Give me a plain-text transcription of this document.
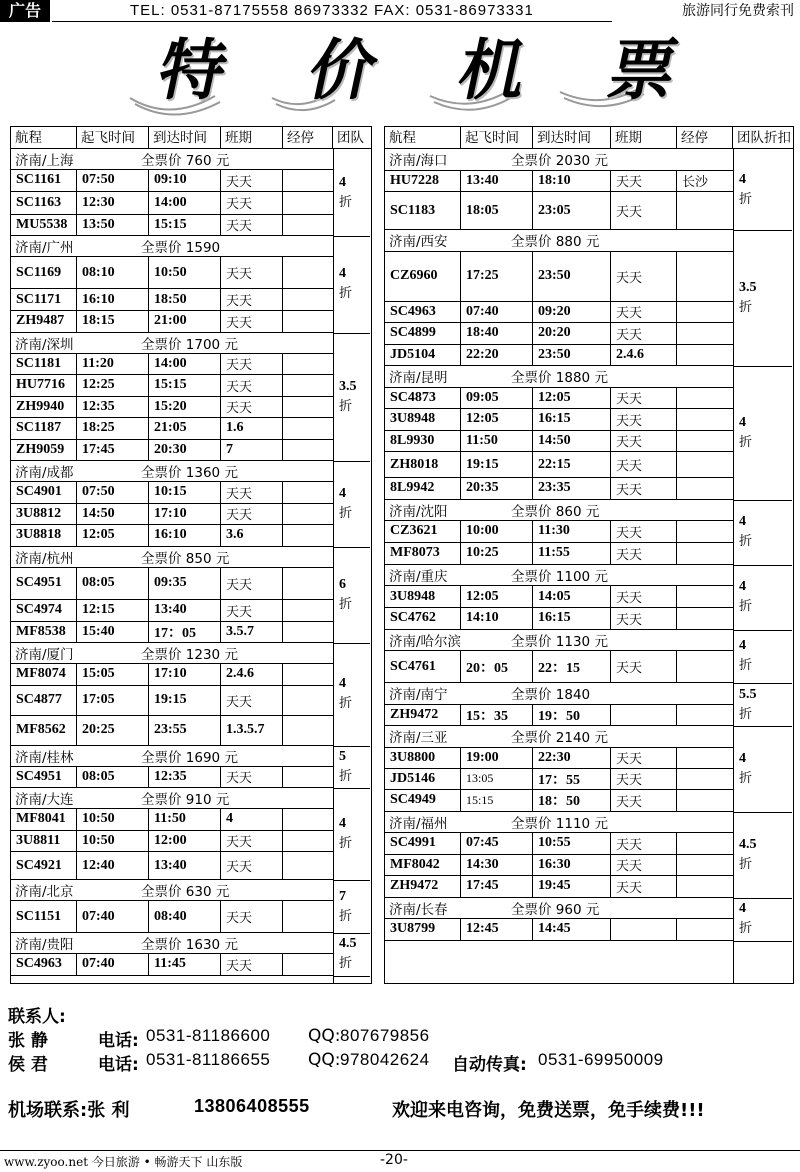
广告	TEL: 0531-87175558 86973332 FAX: 0531-86973331	旅游同行免费索刊
特 价 机 票
航程	起飞时间	到达时间	班期	经停	团队
济南/上海	全票价 760 元
SC1161	07:50	09:10	天天
SC1163	12:30	14:00	天天
MU5538	13:50	15:15	天天
4
折
济南/广州	全票价 1590
SC1169	08:10	10:50	天天
SC1171	16:10	18:50	天天
ZH9487	18:15	21:00	天天
4
折
济南/深圳	全票价 1700 元
SC1181	11:20	14:00	天天
HU7716	12:25	15:15	天天
ZH9940	12:35	15:20	天天
SC1187	18:25	21:05	1.6
ZH9059	17:45	20:30	7
3.5
折
济南/成都	全票价 1360 元
SC4901	07:50	10:15	天天
3U8812	14:50	17:10	天天
3U8818	12:05	16:10	3.6
4
折
济南/杭州	全票价 850 元
SC4951	08:05	09:35	天天
SC4974	12:15	13:40	天天
MF8538	15:40	17：05	3.5.7
6
折
济南/厦门	全票价 1230 元
MF8074	15:05	17:10	2.4.6
SC4877	17:05	19:15	天天
MF8562	20:25	23:55	1.3.5.7
4
折
济南/桂林	全票价 1690 元
SC4951	08:05	12:35	天天
5
折
济南/大连	全票价 910 元
MF8041	10:50	11:50	4
3U8811	10:50	12:00	天天
SC4921	12:40	13:40	天天
4
折
济南/北京	全票价 630 元
SC1151	07:40	08:40	天天
7
折
济南/贵阳	全票价 1630 元
SC4963	07:40	11:45	天天
4.5
折
航程	起飞时间	到达时间	班期	经停	团队折扣
济南/海口	全票价 2030 元
HU7228	13:40	18:10	天天	长沙
SC1183	18:05	23:05	天天
4
折
济南/西安	全票价 880 元
CZ6960	17:25	23:50	天天
SC4963	07:40	09:20	天天
SC4899	18:40	20:20	天天
JD5104	22:20	23:50	2.4.6
3.5
折
济南/昆明	全票价 1880 元
SC4873	09:05	12:05	天天
3U8948	12:05	16:15	天天
8L9930	11:50	14:50	天天
ZH8018	19:15	22:15	天天
8L9942	20:35	23:35	天天
4
折
济南/沈阳	全票价 860 元
CZ3621	10:00	11:30	天天
MF8073	10:25	11:55	天天
4
折
济南/重庆	全票价 1100 元
3U8948	12:05	14:05	天天
SC4762	14:10	16:15	天天
4
折
济南/哈尔滨	全票价 1130 元
SC4761	20：05	22：15	天天
4
折
济南/南宁	全票价 1840
ZH9472	15：35	19：50
5.5
折
济南/三亚	全票价 2140 元
3U8800	19:00	22:30	天天
JD5146	13:05	17：55	天天
SC4949	15:15	18：50	天天
4
折
济南/福州	全票价 1110 元
SC4991	07:45	10:55	天天
MF8042	14:30	16:30	天天
ZH9472	17:45	19:45	天天
4.5
折
济南/长春	全票价 960 元
3U8799	12:45	14:45
4
折
联系人:
张 静	电话: 0531-81186600 QQ: 807679856
侯 君	电话: 0531-81186655 QQ: 978042624 自动传真: 0531-69950009
机场联系:张 利	13806408555	欢迎来电咨询，免费送票，免手续费!!!
www.zyoo.net 今日旅游 • 畅游天下 山东版	-20-
